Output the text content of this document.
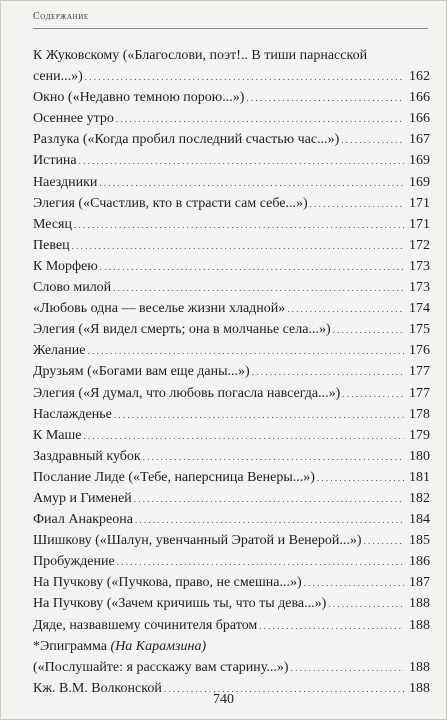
Содержание
К Жуковскому («Благослови, поэт!.. В тиши парнасской
сени...») . . .	162
Окно («Недавно темною порою...») . . .	166
Осеннее утро . . .	166
Разлука («Когда пробил последний счастью час...») . . .	167
Истина . . .	169
Наездники . . .	169
Элегия («Счастлив, кто в страсти сам себе...») . . .	171
Месяц . . .	171
Певец . . .	172
К Морфею . . .	173
Слово милой . . .	173
«Любовь одна — веселье жизни хладной» . . .	174
Элегия («Я видел смерть; она в молчанье села...») . . .	175
Желание . . .	176
Друзьям («Богами вам еще даны...») . . .	177
Элегия («Я думал, что любовь погасла навсегда...») . . .	177
Наслажденье . . .	178
К Маше . . .	179
Заздравный кубок . . .	180
Послание Лиде («Тебе, наперсница Венеры...») . . .	181
Амур и Гименей . . .	182
Фиал Анакреона . . .	184
Шишкову («Шалун, увенчанный Эратой и Венерой...») . . .	185
Пробуждение . . .	186
На Пучкову («Пучкова, право, не смешна...») . . .	187
На Пучкову («Зачем кричишь ты, что ты дева...») . . .	188
Дяде, назвавшему сочинителя братом . . .	188
*Эпиграмма (На Карамзина)
(«Послушайте: я расскажу вам старину...») . . .	188
Кж. В.М. Волконской . . .	188
740
